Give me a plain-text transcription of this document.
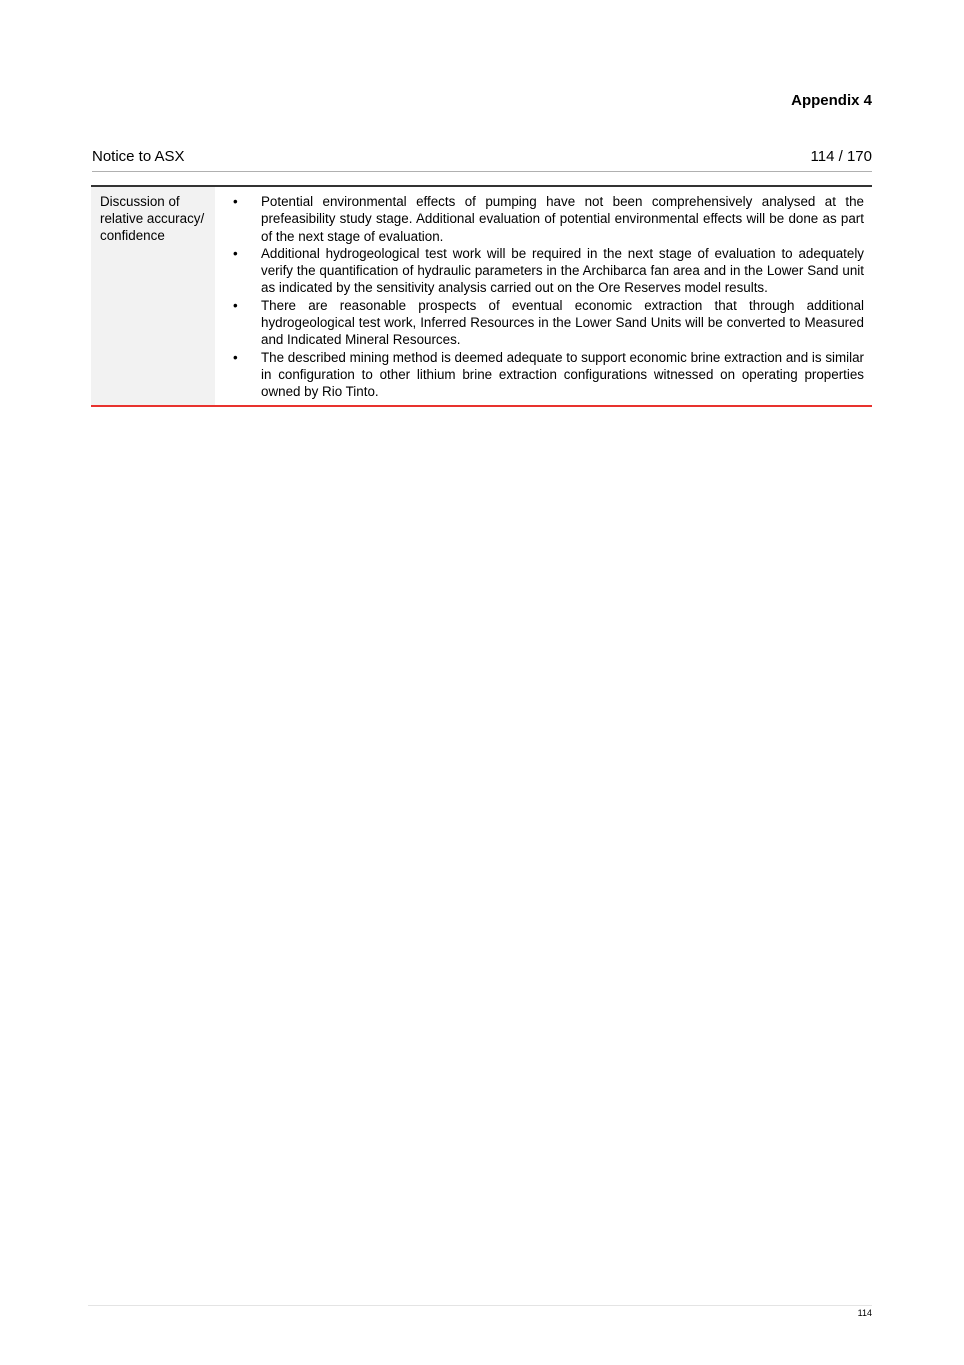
Appendix 4
Notice to ASX	114 / 170
Discussion of relative accuracy/ confidence
• Potential environmental effects of pumping have not been comprehensively analysed at the prefeasibility study stage. Additional evaluation of potential environmental effects will be done as part of the next stage of evaluation.
• Additional hydrogeological test work will be required in the next stage of evaluation to adequately verify the quantification of hydraulic parameters in the Archibarca fan area and in the Lower Sand unit as indicated by the sensitivity analysis carried out on the Ore Reserves model results.
• There are reasonable prospects of eventual economic extraction that through additional hydrogeological test work, Inferred Resources in the Lower Sand Units will be converted to Measured and Indicated Mineral Resources.
• The described mining method is deemed adequate to support economic brine extraction and is similar in configuration to other lithium brine extraction configurations witnessed on operating properties owned by Rio Tinto.
114
